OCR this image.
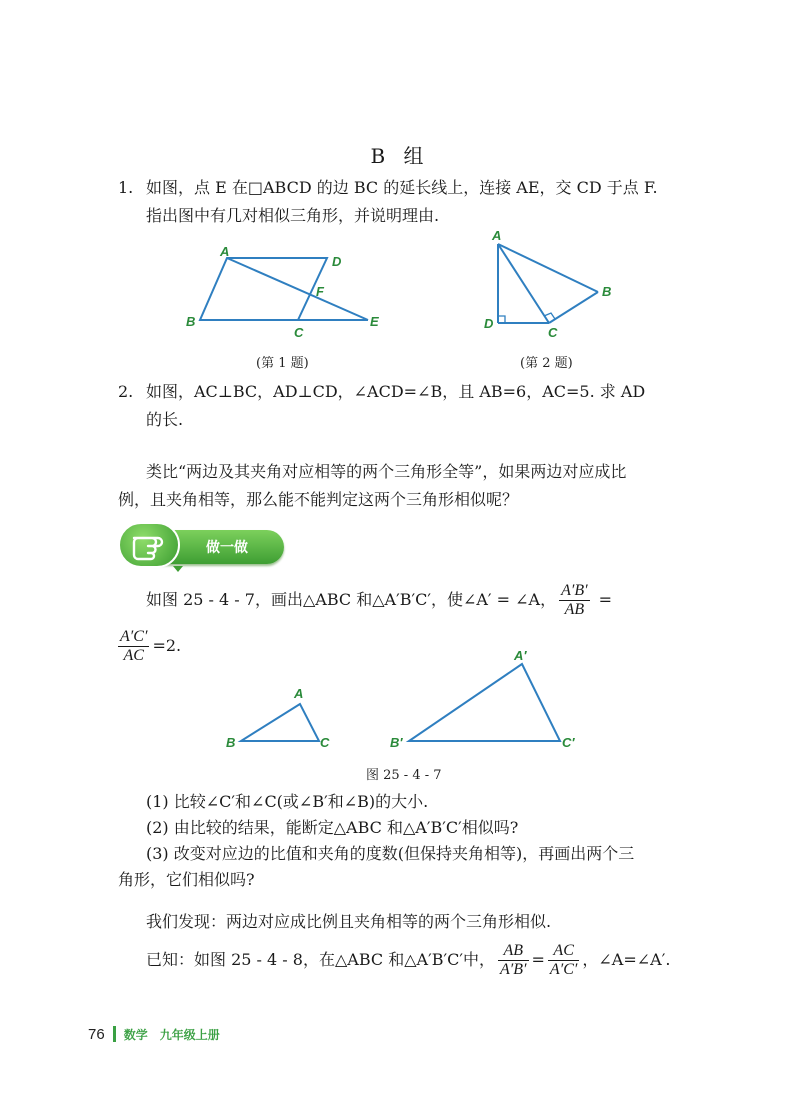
B 组
1. 如图，点 E 在□ABCD 的边 BC 的延长线上，连接 AE，交 CD 于点 F.
指出图中有几对相似三角形，并说明理由.
A
D
F
B
C
E
(第 1 题)
A
B
D
C
(第 2 题)
2. 如图，AC⊥BC，AD⊥CD，∠ACD=∠B，且 AB=6，AC=5. 求 AD
的长.
类比“两边及其夹角对应相等的两个三角形全等”，如果两边对应成比
例，且夹角相等，那么能不能判定这两个三角形相似呢？
做一做
如图 25 - 4 - 7，画出△ABC 和△A′B′C′，使∠A′ = ∠A， $\frac{A'B'}{AB}$ =
$\frac{A'C'}{AC} =2$.
A
B	C
A′
B′	C′
图 25 - 4 - 7
(1) 比较∠C′和∠C(或∠B′和∠B)的大小.
(2) 由比较的结果，能断定△ABC 和△A′B′C′相似吗?
(3) 改变对应边的比值和夹角的度数(但保持夹角相等)，再画出两个三
角形，它们相似吗?
我们发现：两边对应成比例且夹角相等的两个三角形相似.
已知：如图 25 - 4 - 8，在△ABC 和△A′B′C′中， $\frac{AB}{A'B'} = \frac{AC}{A'C'}$ ，∠A=∠A′.
76 数学 九年级上册
